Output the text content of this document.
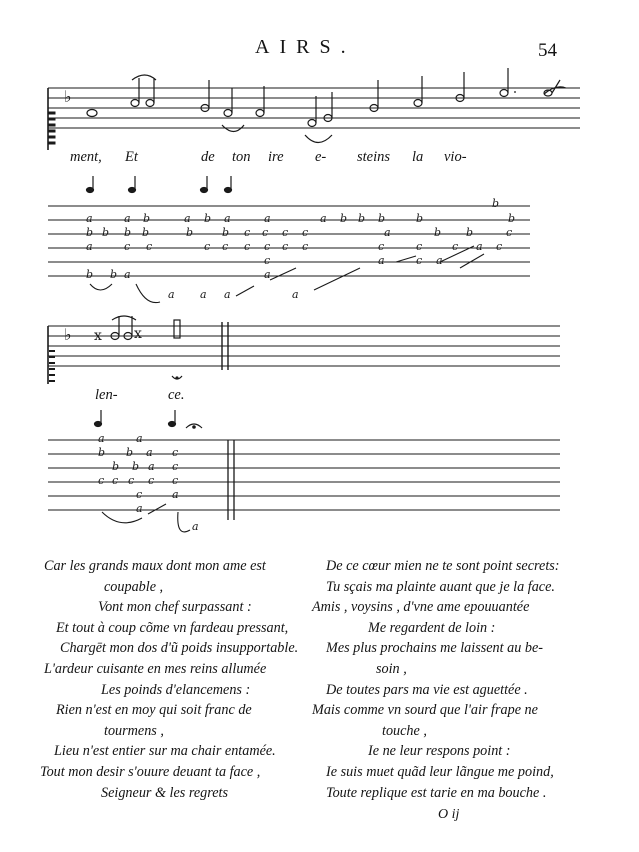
AIRS.	54
♭
a	a b	a b a	a	a b b b	b	b
b
b b b b	b	b c c c c	a	b b	c
a	c c	c c c c c c	c	c	c a c
c	a	c a
b b a	a
a a a	a
♭ x x
a	a
b b a c
b b a c
c c c c
c
c	a
a
a
ment, Et	de ton ire e- steins la vio-
len-	ce.
Car les grands maux dont mon ame est
coupable ,
Vont mon chef surpassant :
Et tout à coup cõme vn fardeau pressant,
Chargēt mon dos d'ũ poids insupportable.
L'ardeur cuisante en mes reins allumée
Les poinds d'elancemens :
Rien n'est en moy qui soit franc de
tourmens ,
Lieu n'est entier sur ma chair entamée.
Tout mon desir s'ouure deuant ta face ,
Seigneur & les regrets
De ce cœur mien ne te sont point secrets:
Tu sçais ma plainte auant que je la face.
Amis , voysins , d'vne ame epouuantée
Me regardent de loin :
Mes plus prochains me laissent au be-
soin ,
De toutes pars ma vie est aguettée .
Mais comme vn sourd que l'air frape ne
touche ,
Ie ne leur respons point :
Ie suis muet quãd leur lãngue me poind,
Toute replique est tarie en ma bouche .
O ij
